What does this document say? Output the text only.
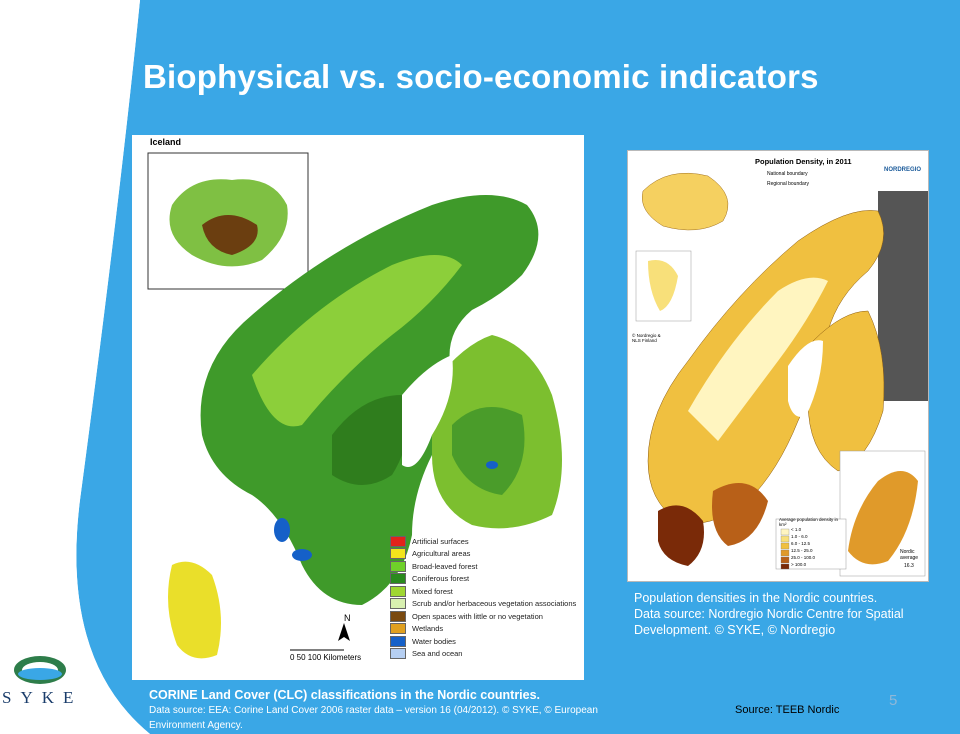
Biophysical vs. socio-economic indicators
Iceland
N
0 50 100 Kilometers
Artificial surfaces
Agricultural areas
Broad-leaved forest
Coniferous forest
Mixed forest
Scrub and/or herbaceous vegetation associations
Open spaces with little or no vegetation
Wetlands
Water bodies
Sea and ocean
Population Density, in 2011
National boundary
Regional boundary
NORDREGIO
© Nordregio & NLS Finland
Average population density in km²
< 1.0
1.0 - 6.0
6.0 - 12.5
12.5 - 25.0
25.0 - 100.0
> 100.0
Nordic average
16.3
Population densities in the Nordic countries.
Data source: Nordregio Nordic Centre for Spatial Development. © SYKE, © Nordregio
CORINE Land Cover (CLC) classifications in the Nordic countries.
Data source: EEA: Corine Land Cover 2006 raster data – version 16 (04/2012). © SYKE, © European Environment Agency.
Source: TEEB Nordic
5
SYKE
